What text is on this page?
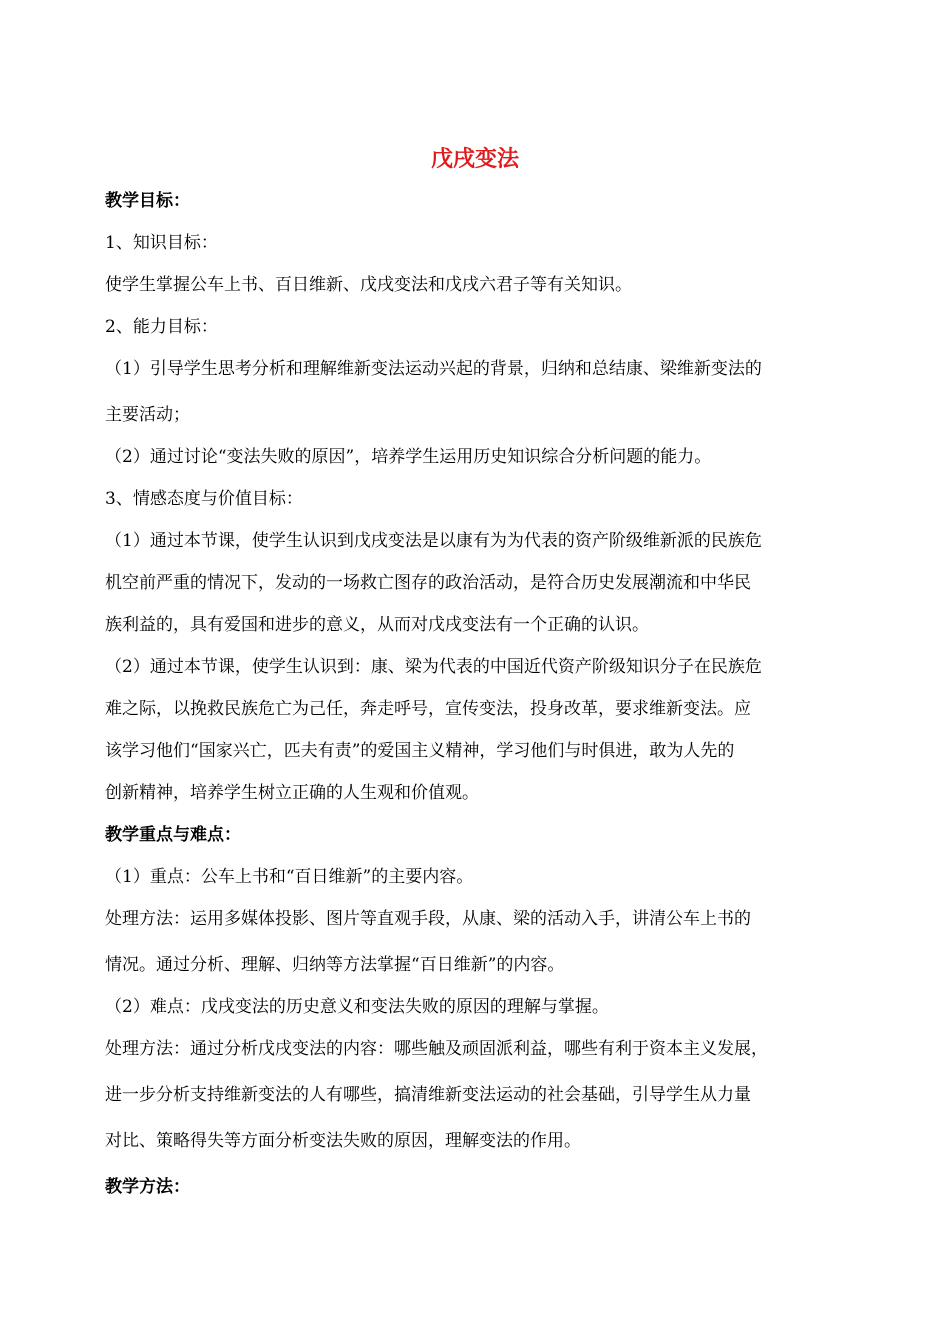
戊戌变法

教学目标：

1、知识目标：

使学生掌握公车上书、百日维新、戊戌变法和戊戌六君子等有关知识。

2、能力目标：

（1）引导学生思考分析和理解维新变法运动兴起的背景，归纳和总结康、梁维新变法的

主要活动；

（2）通过讨论“变法失败的原因”，培养学生运用历史知识综合分析问题的能力。

3、情感态度与价值目标：

（1）通过本节课，使学生认识到戊戌变法是以康有为为代表的资产阶级维新派的民族危

机空前严重的情况下，发动的一场救亡图存的政治活动，是符合历史发展潮流和中华民

族利益的，具有爱国和进步的意义，从而对戊戌变法有一个正确的认识。

（2）通过本节课，使学生认识到：康、梁为代表的中国近代资产阶级知识分子在民族危

难之际，以挽救民族危亡为己任，奔走呼号，宣传变法，投身改革，要求维新变法。应

该学习他们“国家兴亡，匹夫有责”的爱国主义精神，学习他们与时俱进，敢为人先的

创新精神，培养学生树立正确的人生观和价值观。

教学重点与难点：

（1）重点：公车上书和“百日维新”的主要内容。

处理方法：运用多媒体投影、图片等直观手段，从康、梁的活动入手，讲清公车上书的

情况。通过分析、理解、归纳等方法掌握“百日维新”的内容。

（2）难点：戊戌变法的历史意义和变法失败的原因的理解与掌握。

处理方法：通过分析戊戌变法的内容：哪些触及顽固派利益，哪些有利于资本主义发展，

进一步分析支持维新变法的人有哪些，搞清维新变法运动的社会基础，引导学生从力量

对比、策略得失等方面分析变法失败的原因，理解变法的作用。

教学方法：
